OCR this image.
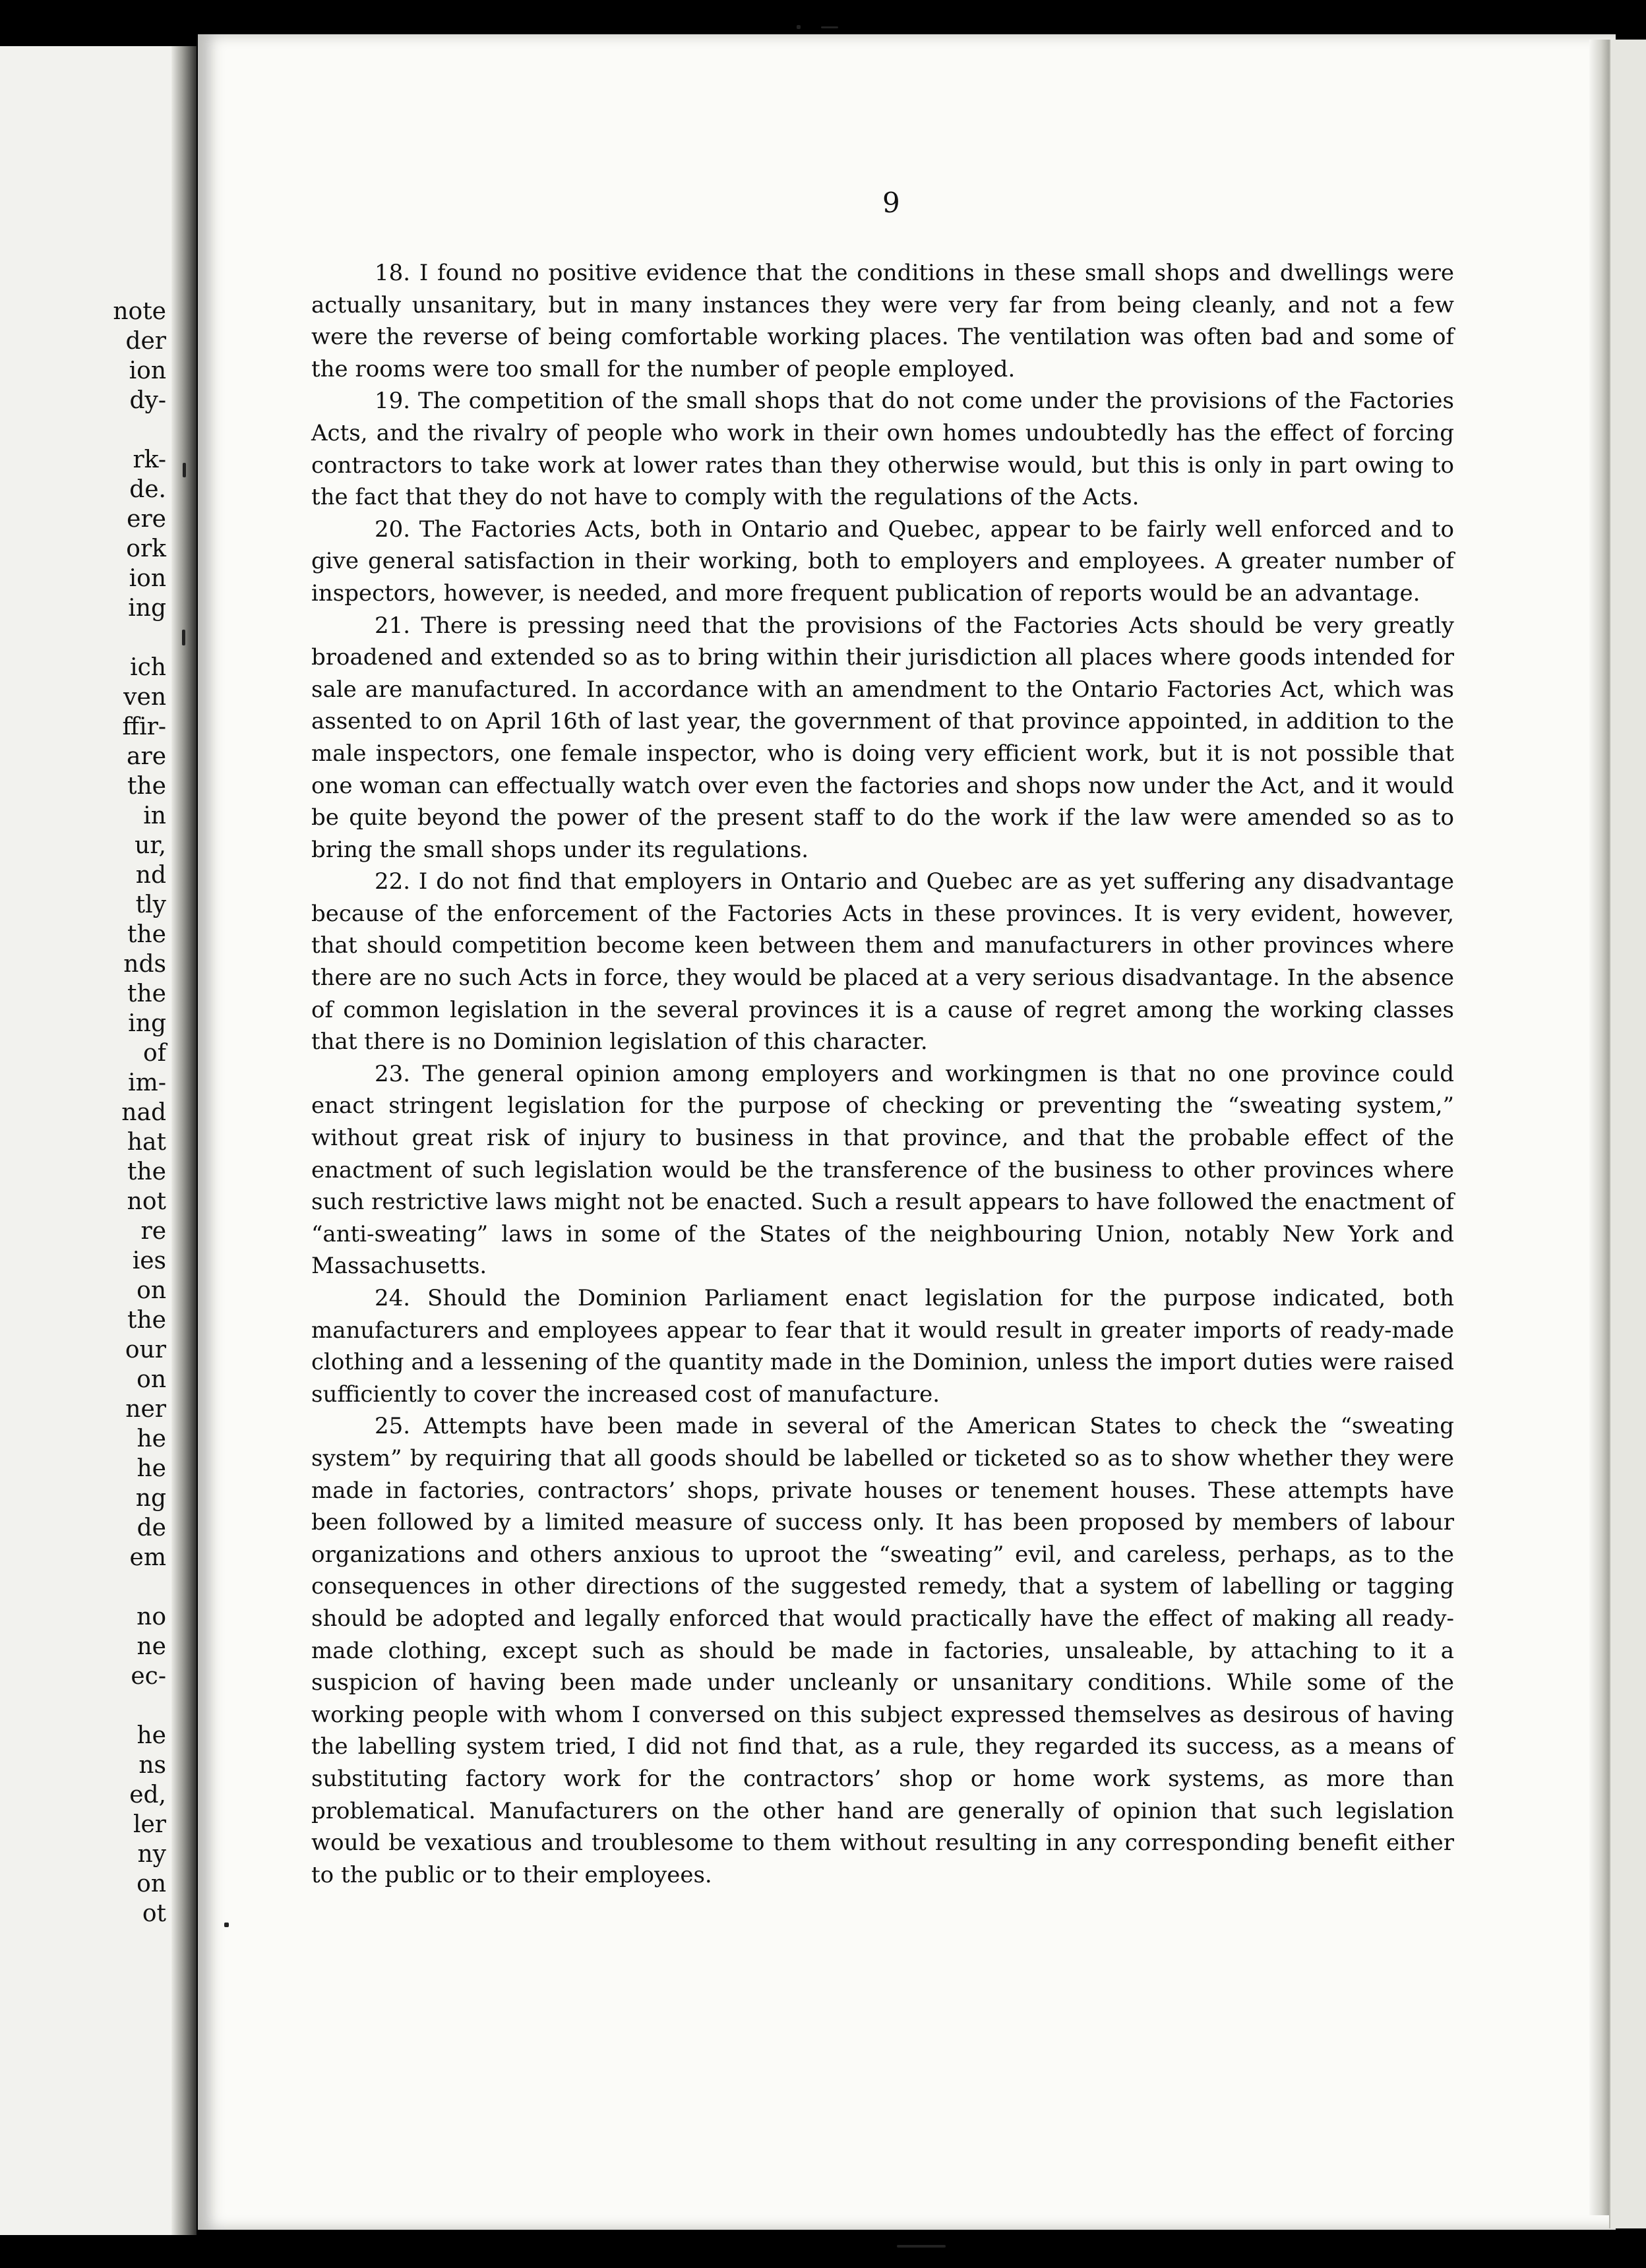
note
der
ion
dy-
rk-
de.
ere
ork
ion
ing
ich
ven
ffir-
are
the
in
ur,
nd
tly
the
nds
the
ing
of
im-
nad
hat
the
not
re
ies
on
the
our
on
ner
he
he
ng
de
em
no
ne
ec-
he
ns
ed,
ler
ny
on
ot
9

18. I found no positive evidence that the conditions in these small shops and dwellings were actually unsanitary, but in many instances they were very far from being cleanly, and not a few were the reverse of being comfortable working places. The ventilation was often bad and some of the rooms were too small for the number of people employed.

19. The competition of the small shops that do not come under the provisions of the Factories Acts, and the rivalry of people who work in their own homes undoubtedly has the effect of forcing contractors to take work at lower rates than they otherwise would, but this is only in part owing to the fact that they do not have to comply with the regulations of the Acts.

20. The Factories Acts, both in Ontario and Quebec, appear to be fairly well enforced and to give general satisfaction in their working, both to employers and employees. A greater number of inspectors, however, is needed, and more frequent publication of reports would be an advantage.

21. There is pressing need that the provisions of the Factories Acts should be very greatly broadened and extended so as to bring within their jurisdiction all places where goods intended for sale are manufactured. In accordance with an amendment to the Ontario Factories Act, which was assented to on April 16th of last year, the government of that province appointed, in addition to the male inspectors, one female inspector, who is doing very efficient work, but it is not possible that one woman can effectually watch over even the factories and shops now under the Act, and it would be quite beyond the power of the present staff to do the work if the law were amended so as to bring the small shops under its regulations.

22. I do not find that employers in Ontario and Quebec are as yet suffering any disadvantage because of the enforcement of the Factories Acts in these provinces. It is very evident, however, that should competition become keen between them and manufacturers in other provinces where there are no such Acts in force, they would be placed at a very serious disadvantage. In the absence of common legislation in the several provinces it is a cause of regret among the working classes that there is no Dominion legislation of this character.

23. The general opinion among employers and workingmen is that no one province could enact stringent legislation for the purpose of checking or preventing the “sweating system,” without great risk of injury to business in that province, and that the probable effect of the enactment of such legislation would be the transference of the business to other provinces where such restrictive laws might not be enacted. Such a result appears to have followed the enactment of “anti-sweating” laws in some of the States of the neighbouring Union, notably New York and Massachusetts.

24. Should the Dominion Parliament enact legislation for the purpose indicated, both manufacturers and employees appear to fear that it would result in greater imports of ready-made clothing and a lessening of the quantity made in the Dominion, unless the import duties were raised sufficiently to cover the increased cost of manufacture.

25. Attempts have been made in several of the American States to check the “sweating system” by requiring that all goods should be labelled or ticketed so as to show whether they were made in factories, contractors’ shops, private houses or tenement houses. These attempts have been followed by a limited measure of success only. It has been proposed by members of labour organizations and others anxious to uproot the “sweating” evil, and careless, perhaps, as to the consequences in other directions of the suggested remedy, that a system of labelling or tagging should be adopted and legally enforced that would practically have the effect of making all ready-made clothing, except such as should be made in factories, unsaleable, by attaching to it a suspicion of having been made under uncleanly or unsanitary conditions. While some of the working people with whom I conversed on this subject expressed themselves as desirous of having the labelling system tried, I did not find that, as a rule, they regarded its success, as a means of substituting factory work for the contractors’ shop or home work systems, as more than problematical. Manufacturers on the other hand are generally of opinion that such legislation would be vexatious and troublesome to them without resulting in any corresponding benefit either to the public or to their employees.
